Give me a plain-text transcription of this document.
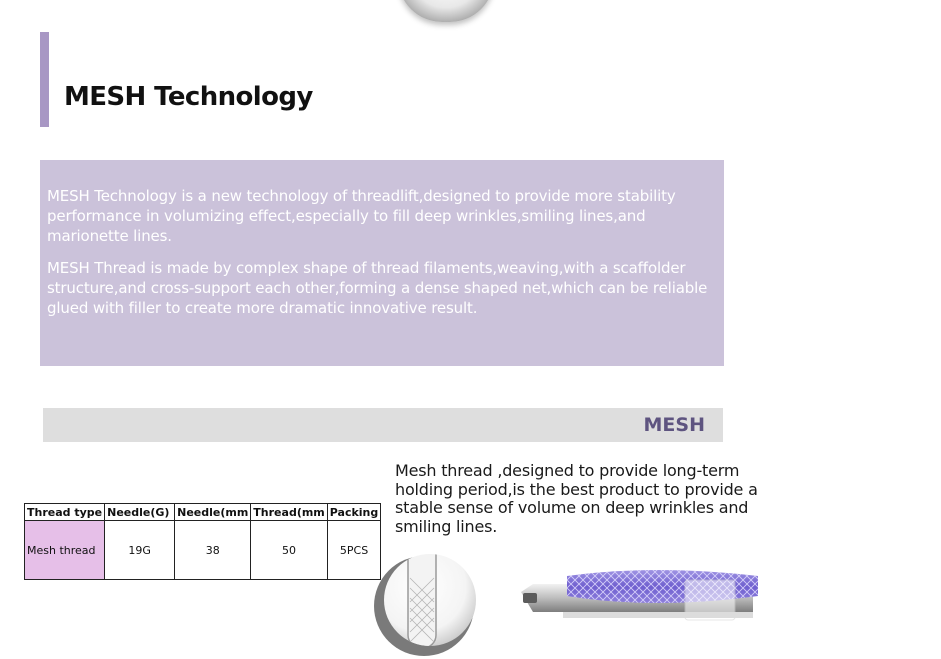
MESH Technology

MESH Technology is a new technology of threadlift,designed to provide more stability performance in volumizing effect,especially to fill deep wrinkles,smiling lines,and marionette lines.

MESH Thread is made by complex shape of thread filaments,weaving,with a scaffolder structure,and cross-support each other,forming a dense shaped net,which can be reliable glued with filler to create more dramatic innovative result.

MESH
Thread type	Needle(G)	Needle(mm	Thread(mm	Packing
Mesh thread	19G	38	50	5PCS

Mesh thread ,designed to provide long-term holding period,is the best product to provide a stable sense of volume on deep wrinkles and smiling lines.
